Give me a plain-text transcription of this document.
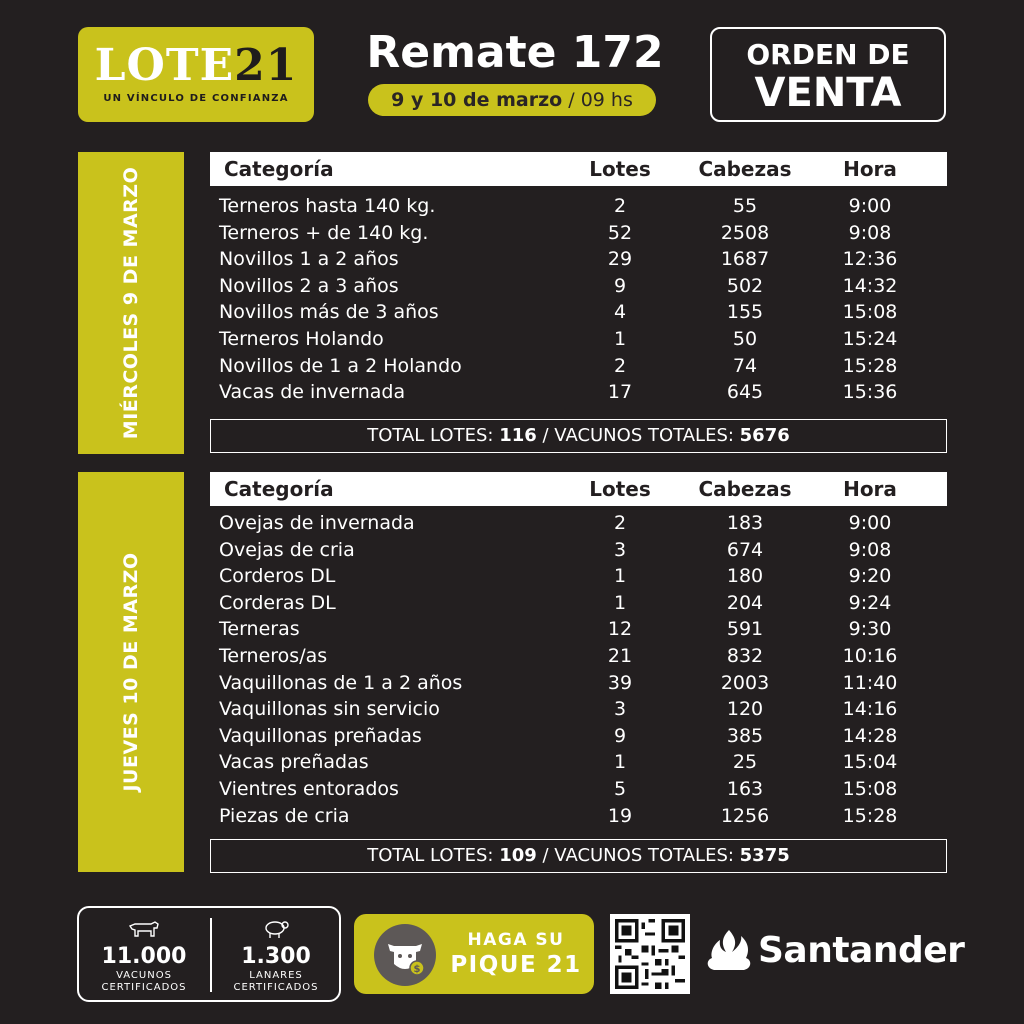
LOTE21
UN VÍNCULO DE CONFIANZA
Remate 172
9 y 10 de marzo / 09 hs
ORDEN DE
VENTA
MIÉRCOLES 9 DE MARZO	Categoría	Lotes	Cabezas	Hora
Terneros hasta 140 kg.	2	55	9:00
Terneros + de 140 kg.	52	2508	9:08
Novillos 1 a 2 años	29	1687	12:36
Novillos 2 a 3 años	9	502	14:32
Novillos más de 3 años	4	155	15:08
Terneros Holando	1	50	15:24
Novillos de 1 a 2 Holando	2	74	15:28
Vacas de invernada	17	645	15:36
TOTAL LOTES: 116 / VACUNOS TOTALES: 5676
JUEVES 10 DE MARZO
Categoría	Lotes	Cabezas	Hora
Ovejas de invernada	2	183	9:00
Ovejas de cria	3	674	9:08
Corderos DL	1	180	9:20
Corderas DL	1	204	9:24
Terneras	12	591	9:30
Terneros/as	21	832	10:16
Vaquillonas de 1 a 2 años	39	2003	11:40
Vaquillonas sin servicio	3	120	14:16
Vaquillonas preñadas	9	385	14:28
Vacas preñadas	1	25	15:04
Vientres entorados	5	163	15:08
Piezas de cria	19	1256	15:28
TOTAL LOTES: 109 / VACUNOS TOTALES: 5375
11.000
VACUNOS
CERTIFICADOS
1.300
LANARES
CERTIFICADOS
$
HAGA SU
PIQUE 21	Santander
